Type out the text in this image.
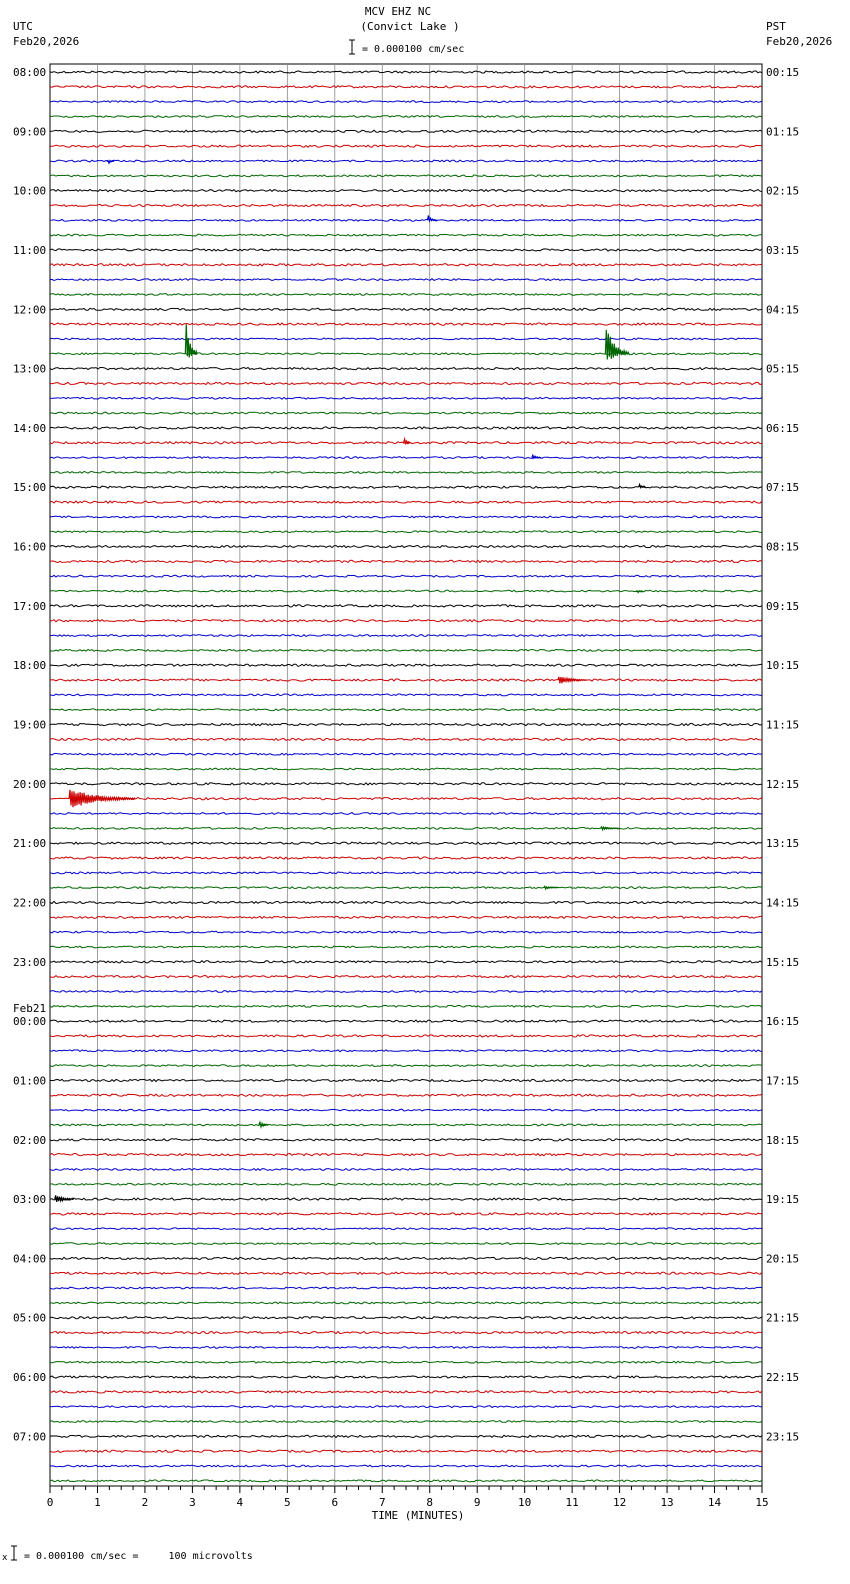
MCV EHZ NC
(Convict Lake )
= 0.000100 cm/sec
UTC
Feb20,2026
PST
Feb20,2026
08:00
09:00
10:00
11:00
12:00
13:00
14:00
15:00
16:00
17:00
18:00
19:00
20:00
21:00
22:00
23:00
00:00
01:00
02:00
03:00
04:00
05:00
06:00
07:00
00:15
01:15
02:15
03:15
04:15
05:15
06:15
07:15
08:15
09:15
10:15
11:15
12:15
13:15
14:15
15:15
16:15
17:15
18:15
19:15
20:15
21:15
22:15
23:15
Feb21
0	1	2	3	4	5	6	7	8	9	10	11	12	13	14	15
TIME (MINUTES)
x = 0.000100 cm/sec =     100 microvolts
